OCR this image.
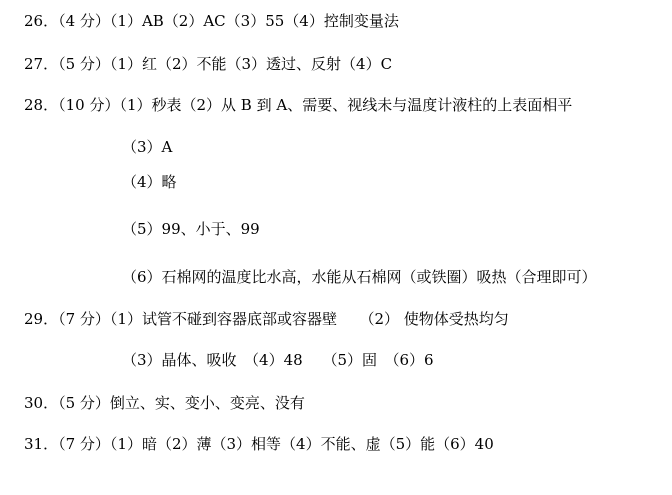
26．（4 分）（1）AB（2）AC（3）55（4）控制变量法
27．（5 分）（1）红（2）不能（3）透过、反射（4）C
28．（10 分）（1）秒表（2）从 B 到 A、需要、视线未与温度计液柱的上表面相平
（3）A
（4）略
（5）99、小于、99
（6）石棉网的温度比水高，水能从石棉网（或铁圈）吸热（合理即可）
29．（7 分）（1）试管不碰到容器底部或容器壁　　（2） 使物体受热均匀
（3）晶体、吸收　（4）48　 （5）固　（6）6
30．（5 分）倒立、实、变小、变亮、没有
31．（7 分）（1）暗（2）薄（3）相等（4）不能、虚（5）能（6）40
